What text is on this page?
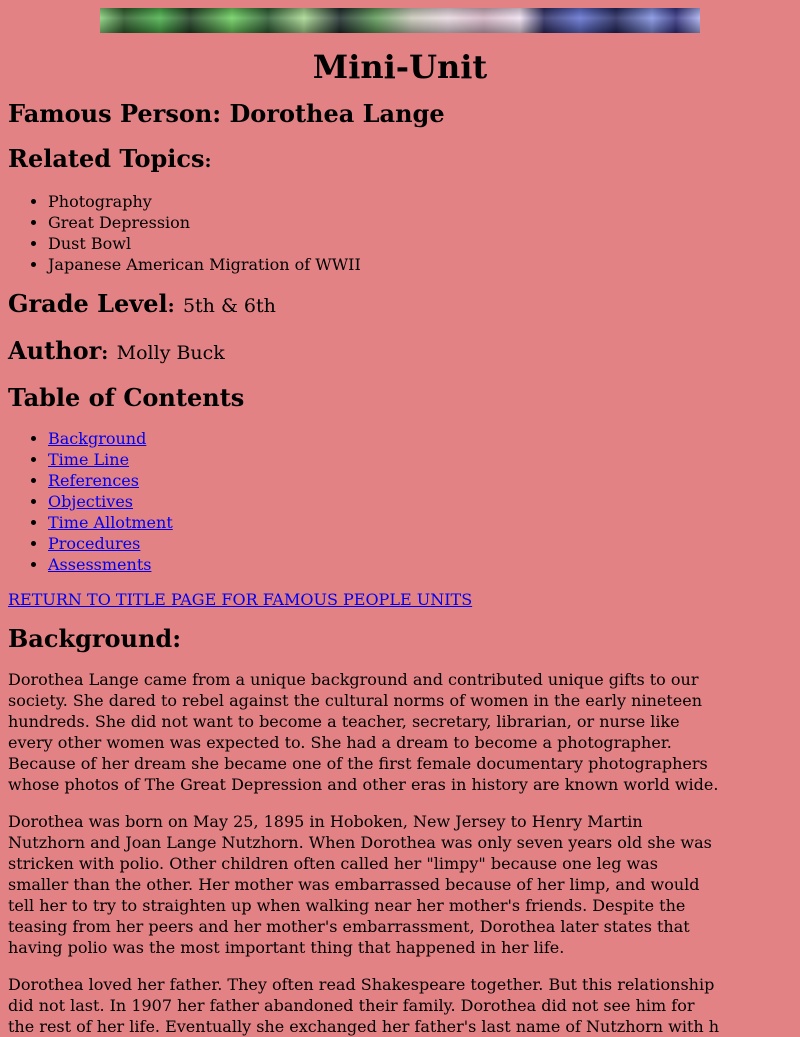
Mini-Unit
Famous Person: Dorothea Lange
Related Topics:
• Photography
• Great Depression
• Dust Bowl
• Japanese American Migration of WWII
Grade Level: 5th & 6th
Author: Molly Buck
Table of Contents
• Background
• Time Line
• References
• Objectives
• Time Allotment
• Procedures
• Assessments
RETURN TO TITLE PAGE FOR FAMOUS PEOPLE UNITS
Background:

Dorothea Lange came from a unique background and contributed unique gifts to our
society. She dared to rebel against the cultural norms of women in the early nineteen
hundreds. She did not want to become a teacher, secretary, librarian, or nurse like
every other women was expected to. She had a dream to become a photographer.
Because of her dream she became one of the first female documentary photographers
whose photos of The Great Depression and other eras in history are known world wide.

Dorothea was born on May 25, 1895 in Hoboken, New Jersey to Henry Martin
Nutzhorn and Joan Lange Nutzhorn. When Dorothea was only seven years old she was
stricken with polio. Other children often called her "limpy" because one leg was
smaller than the other. Her mother was embarrassed because of her limp, and would
tell her to try to straighten up when walking near her mother's friends. Despite the
teasing from her peers and her mother's embarrassment, Dorothea later states that
having polio was the most important thing that happened in her life.

Dorothea loved her father. They often read Shakespeare together. But this relationship
did not last. In 1907 her father abandoned their family. Dorothea did not see him for
the rest of her life. Eventually she exchanged her father's last name of Nutzhorn with h
